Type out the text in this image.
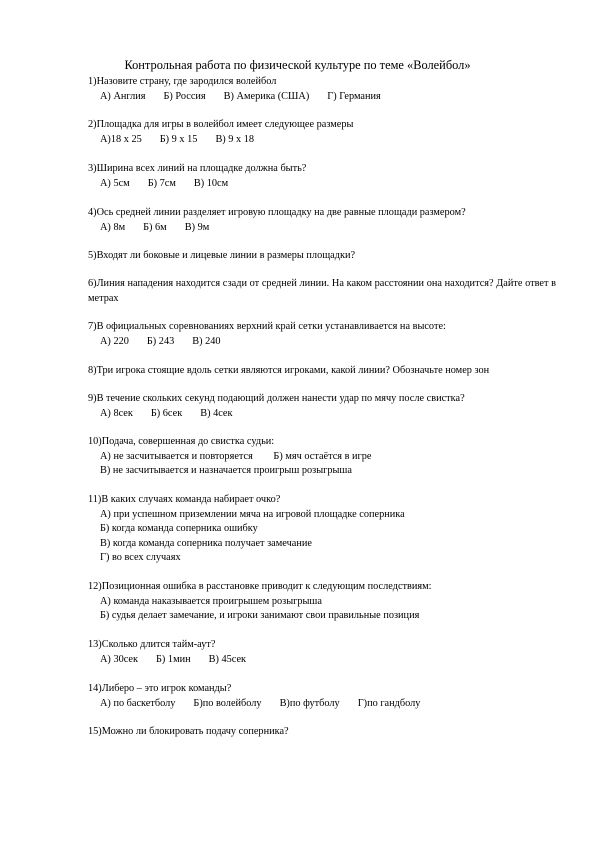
Контрольная работа по физической культуре по теме «Волейбол»
1)Назовите страну, где зародился волейбол
А) Англия Б) Россия В) Америка (США) Г) Германия
2)Площадка для игры в волейбол имеет следующее размеры
А)18 х 25 Б) 9 х 15 В) 9 х 18
3)Ширина всех линий на площадке должна быть?
А) 5см Б) 7см В) 10см
4)Ось средней линии разделяет игровую площадку на две равные площади размером?
А) 8м Б) 6м В) 9м
5)Входят ли боковые и лицевые линии в размеры площадки?
6)Линия нападения находится сзади от средней линии. На каком расстоянии она находится? Дайте ответ в метрах
7)В официальных соревнованиях верхний край сетки устанавливается на высоте:
А) 220 Б) 243 В) 240
8)Три игрока стоящие вдоль сетки являются игроками, какой линии? Обозначьте номер зон
9)В течение скольких секунд подающий должен нанести удар по мячу после свистка?
А) 8сек Б) 6сек В) 4сек
10)Подача, совершенная до свистка судьи:
А) не засчитывается и повторяется        Б) мяч остаётся в игре
В) не засчитывается и назначается проигрыш розыгрыша
11)В каких случаях команда набирает очко?
А) при успешном приземлении мяча на игровой площадке соперника
Б) когда команда соперника ошибку
В) когда команда соперника получает замечание
Г) во всех случаях
12)Позиционная ошибка в расстановке приводит к следующим последствиям:
А) команда наказывается проигрышем розыгрыша
Б) судья делает замечание, и игроки занимают свои правильные позиция
13)Сколько длится тайм-аут?
А) 30сек Б) 1мин В) 45сек
14)Либеро – это игрок команды?
А) по баскетболу Б)по волейболу В)по футболу Г)по гандболу
15)Можно ли блокировать подачу соперника?
